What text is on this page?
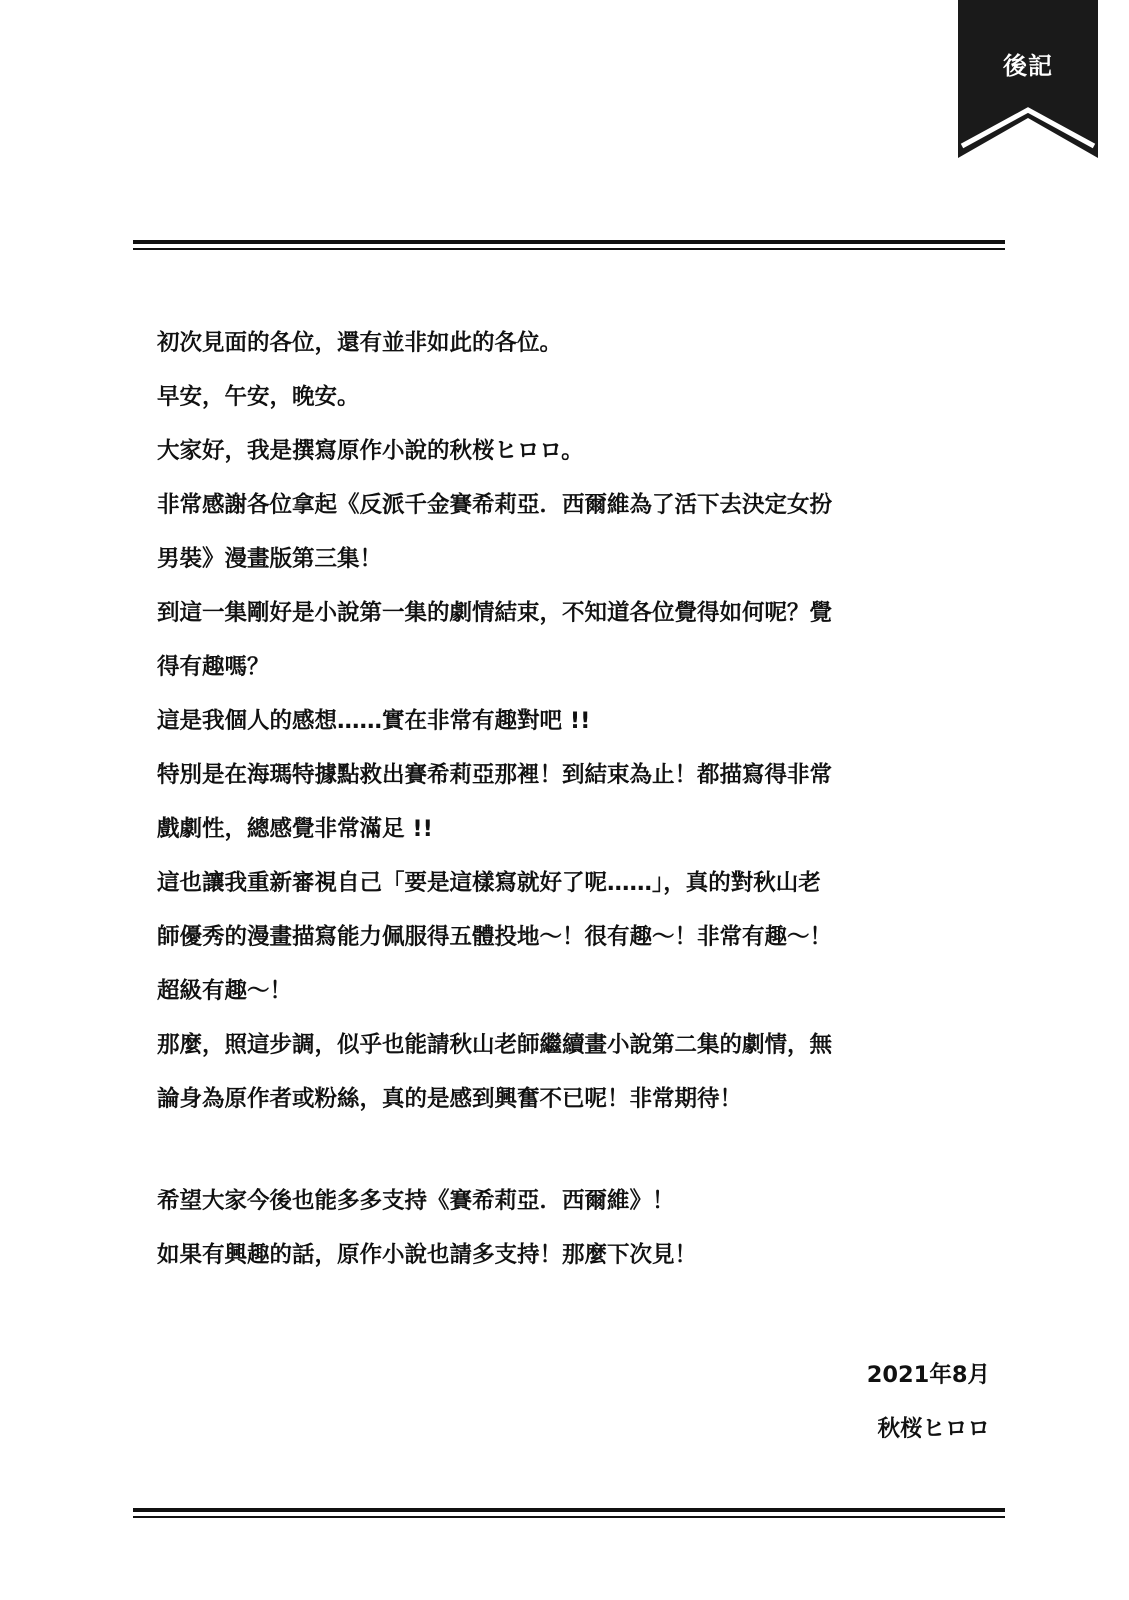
後記
初次見面的各位，還有並非如此的各位。
早安，午安，晚安。
大家好，我是撰寫原作小說的秋桜ヒロロ。
非常感謝各位拿起《反派千金賽希莉亞．西爾維為了活下去決定女扮
男裝》漫畫版第三集！
到這一集剛好是小說第一集的劇情結束，不知道各位覺得如何呢？覺
得有趣嗎？
這是我個人的感想……實在非常有趣對吧 !!
特別是在海瑪特據點救出賽希莉亞那裡！到結束為止！都描寫得非常
戲劇性，總感覺非常滿足 !!
這也讓我重新審視自己「要是這樣寫就好了呢……」，真的對秋山老
師優秀的漫畫描寫能力佩服得五體投地～！很有趣～！非常有趣～！
超級有趣～！
那麼，照這步調，似乎也能請秋山老師繼續畫小說第二集的劇情，無
論身為原作者或粉絲，真的是感到興奮不已呢！非常期待！
希望大家今後也能多多支持《賽希莉亞．西爾維》！
如果有興趣的話，原作小說也請多支持！那麼下次見！
2021年8月
秋桜ヒロロ
